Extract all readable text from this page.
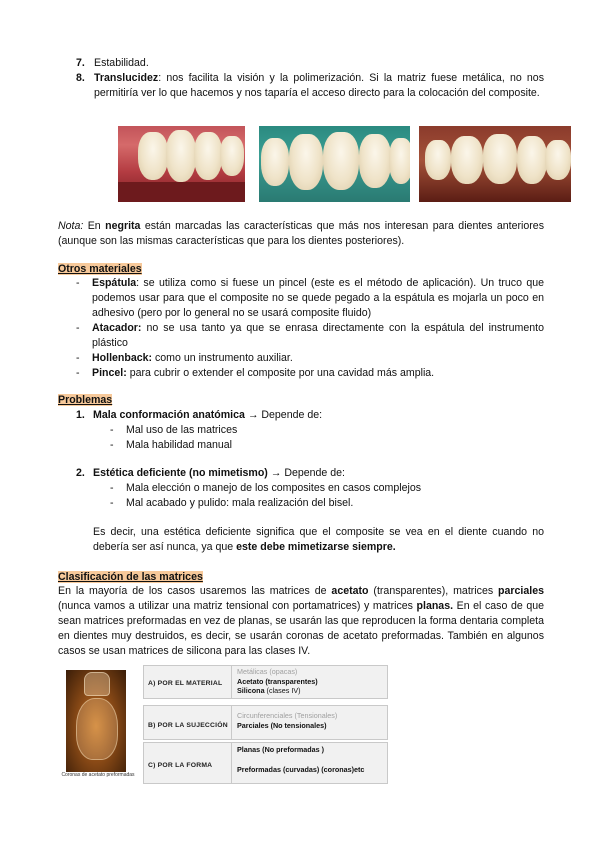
7. Estabilidad.
8. Translucidez: nos facilita la visión y la polimerización. Si la matriz fuese metálica, no nos permitiría ver lo que hacemos y nos taparía el acceso directo para la colocación del composite.
Nota: En negrita están marcadas las características que más nos interesan para dientes anteriores (aunque son las mismas características que para los dientes posteriores).
Otros materiales
- Espátula: se utiliza como si fuese un pincel (este es el método de aplicación). Un truco que podemos usar para que el composite no se quede pegado a la espátula es mojarla un poco en adhesivo (pero por lo general no se usará composite fluido)
- Atacador: no se usa tanto ya que se enrasa directamente con la espátula del instrumento plástico
- Hollenback: como un instrumento auxiliar.
- Pincel: para cubrir o extender el composite por una cavidad más amplia.
Problemas
1. Mala conformación anatómica → Depende de:
- Mal uso de las matrices
- Mala habilidad manual
2. Estética deficiente (no mimetismo) → Depende de:
- Mala elección o manejo de los composites en casos complejos
- Mal acabado y pulido: mala realización del bisel.
Es decir, una estética deficiente significa que el composite se vea en el diente cuando no debería ser así nunca, ya que este debe mimetizarse siempre.
Clasificación de las matrices
En la mayoría de los casos usaremos las matrices de acetato (transparentes), matrices parciales (nunca vamos a utilizar una matriz tensional con portamatrices) y matrices planas. En el caso de que sean matrices preformadas en vez de planas, se usarán las que reproducen la forma dentaria completa en dientes muy destruidos, es decir, se usarán coronas de acetato preformadas. También en algunos casos se usan matrices de silicona para las clases IV.
Coronas de acetato preformadas
A) POR EL MATERIAL
Metálicas (opacas)
Acetato (transparentes)
Silicona (clases IV)
B) POR LA SUJECCIÓN
Circunferenciales (Tensionales)
Parciales (No tensionales)
C) POR LA FORMA
Planas (No preformadas )
Preformadas (curvadas) (coronas)etc
